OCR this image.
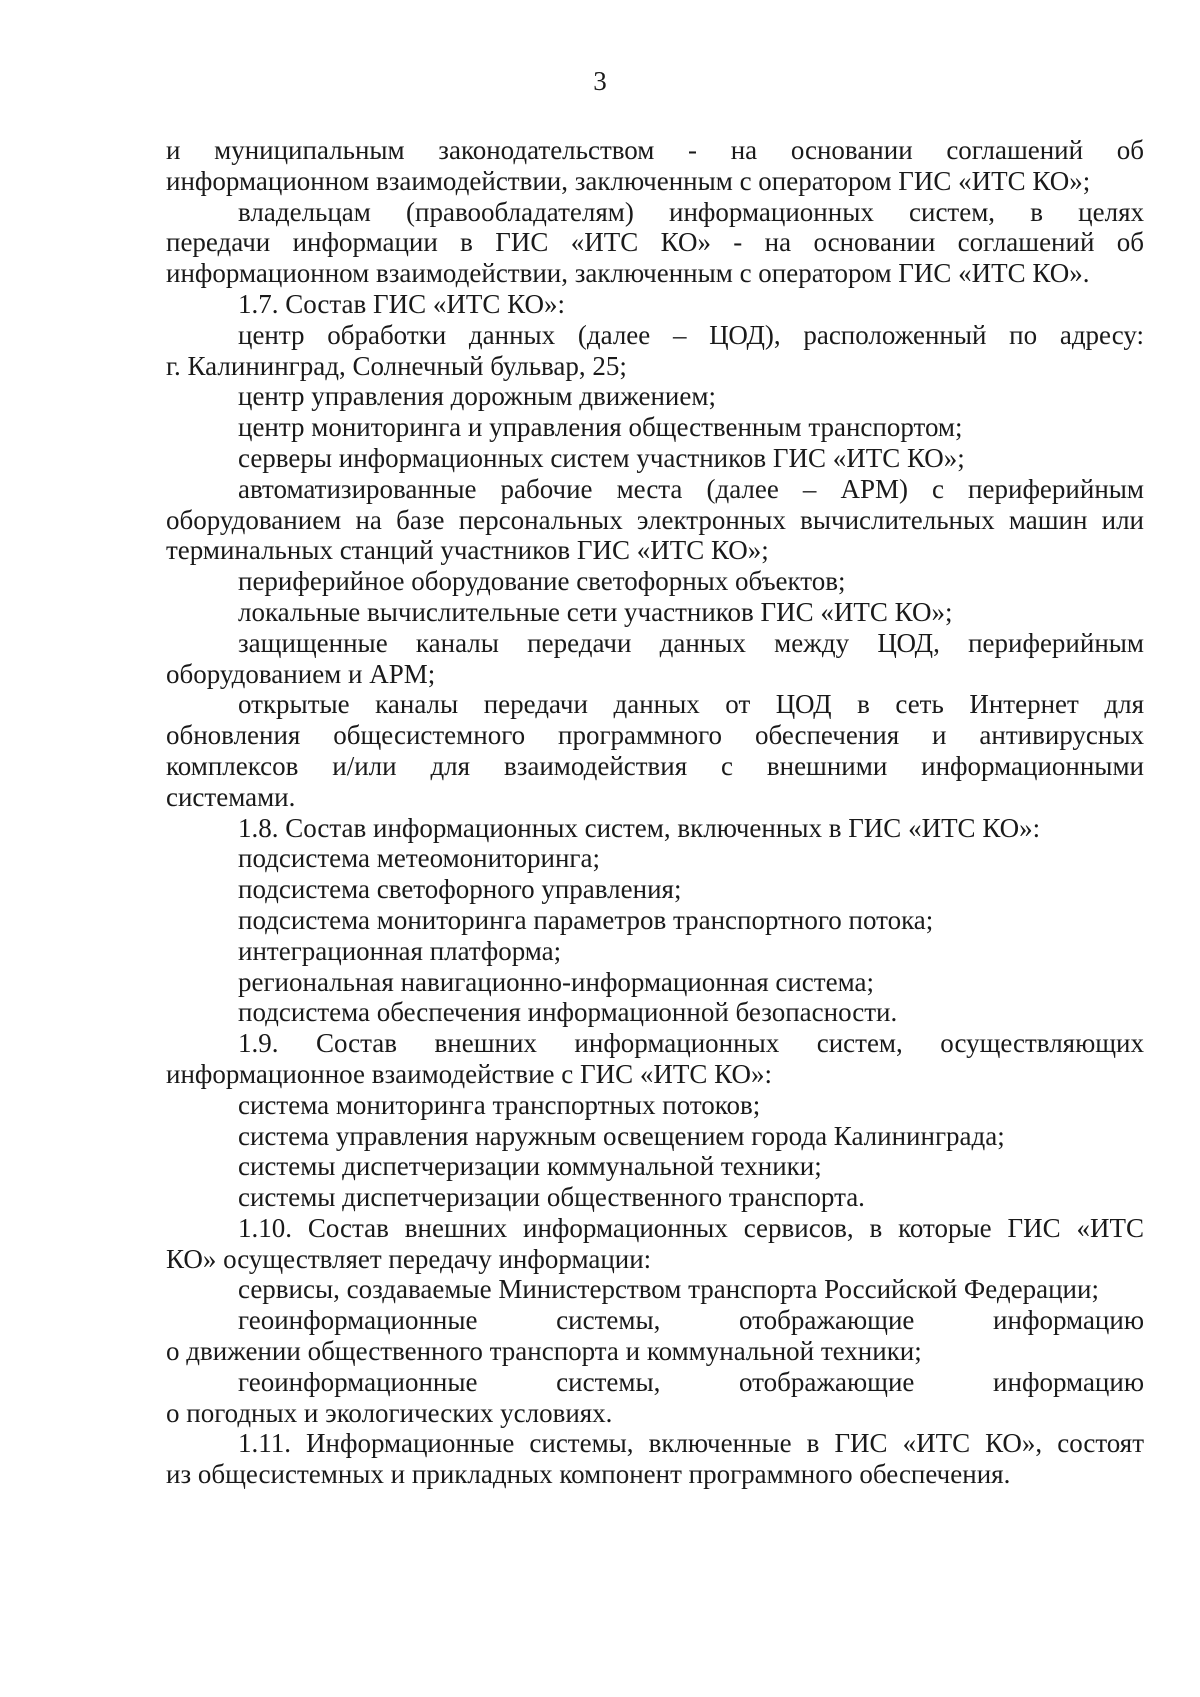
3
и муниципальным законодательством - на основании соглашений об
информационном взаимодействии, заключенным с оператором ГИС «ИТС КО»;
владельцам (правообладателям) информационных систем, в целях
передачи информации в ГИС «ИТС КО» - на основании соглашений об
информационном взаимодействии, заключенным с оператором ГИС «ИТС КО».
1.7. Состав ГИС «ИТС КО»:
центр обработки данных (далее – ЦОД), расположенный по адресу:
г. Калининград, Солнечный бульвар, 25;
центр управления дорожным движением;
центр мониторинга и управления общественным транспортом;
серверы информационных систем участников ГИС «ИТС КО»;
автоматизированные рабочие места (далее – АРМ) с периферийным
оборудованием на базе персональных электронных вычислительных машин или
терминальных станций участников ГИС «ИТС КО»;
периферийное оборудование светофорных объектов;
локальные вычислительные сети участников ГИС «ИТС КО»;
защищенные каналы передачи данных между ЦОД, периферийным
оборудованием и АРМ;
открытые каналы передачи данных от ЦОД в сеть Интернет для
обновления общесистемного программного обеспечения и антивирусных
комплексов и/или для взаимодействия с внешними информационными
системами.
1.8. Состав информационных систем, включенных в ГИС «ИТС КО»:
подсистема метеомониторинга;
подсистема светофорного управления;
подсистема мониторинга параметров транспортного потока;
интеграционная платформа;
региональная навигационно-информационная система;
подсистема обеспечения информационной безопасности.
1.9. Состав внешних информационных систем, осуществляющих
информационное взаимодействие с ГИС «ИТС КО»:
система мониторинга транспортных потоков;
система управления наружным освещением города Калининграда;
системы диспетчеризации коммунальной техники;
системы диспетчеризации общественного транспорта.
1.10. Состав внешних информационных сервисов, в которые ГИС «ИТС
КО» осуществляет передачу информации:
сервисы, создаваемые Министерством транспорта Российской Федерации;
геоинформационные системы, отображающие информацию
о движении общественного транспорта и коммунальной техники;
геоинформационные системы, отображающие информацию
о погодных и экологических условиях.
1.11. Информационные системы, включенные в ГИС «ИТС КО», состоят
из общесистемных и прикладных компонент программного обеспечения.
